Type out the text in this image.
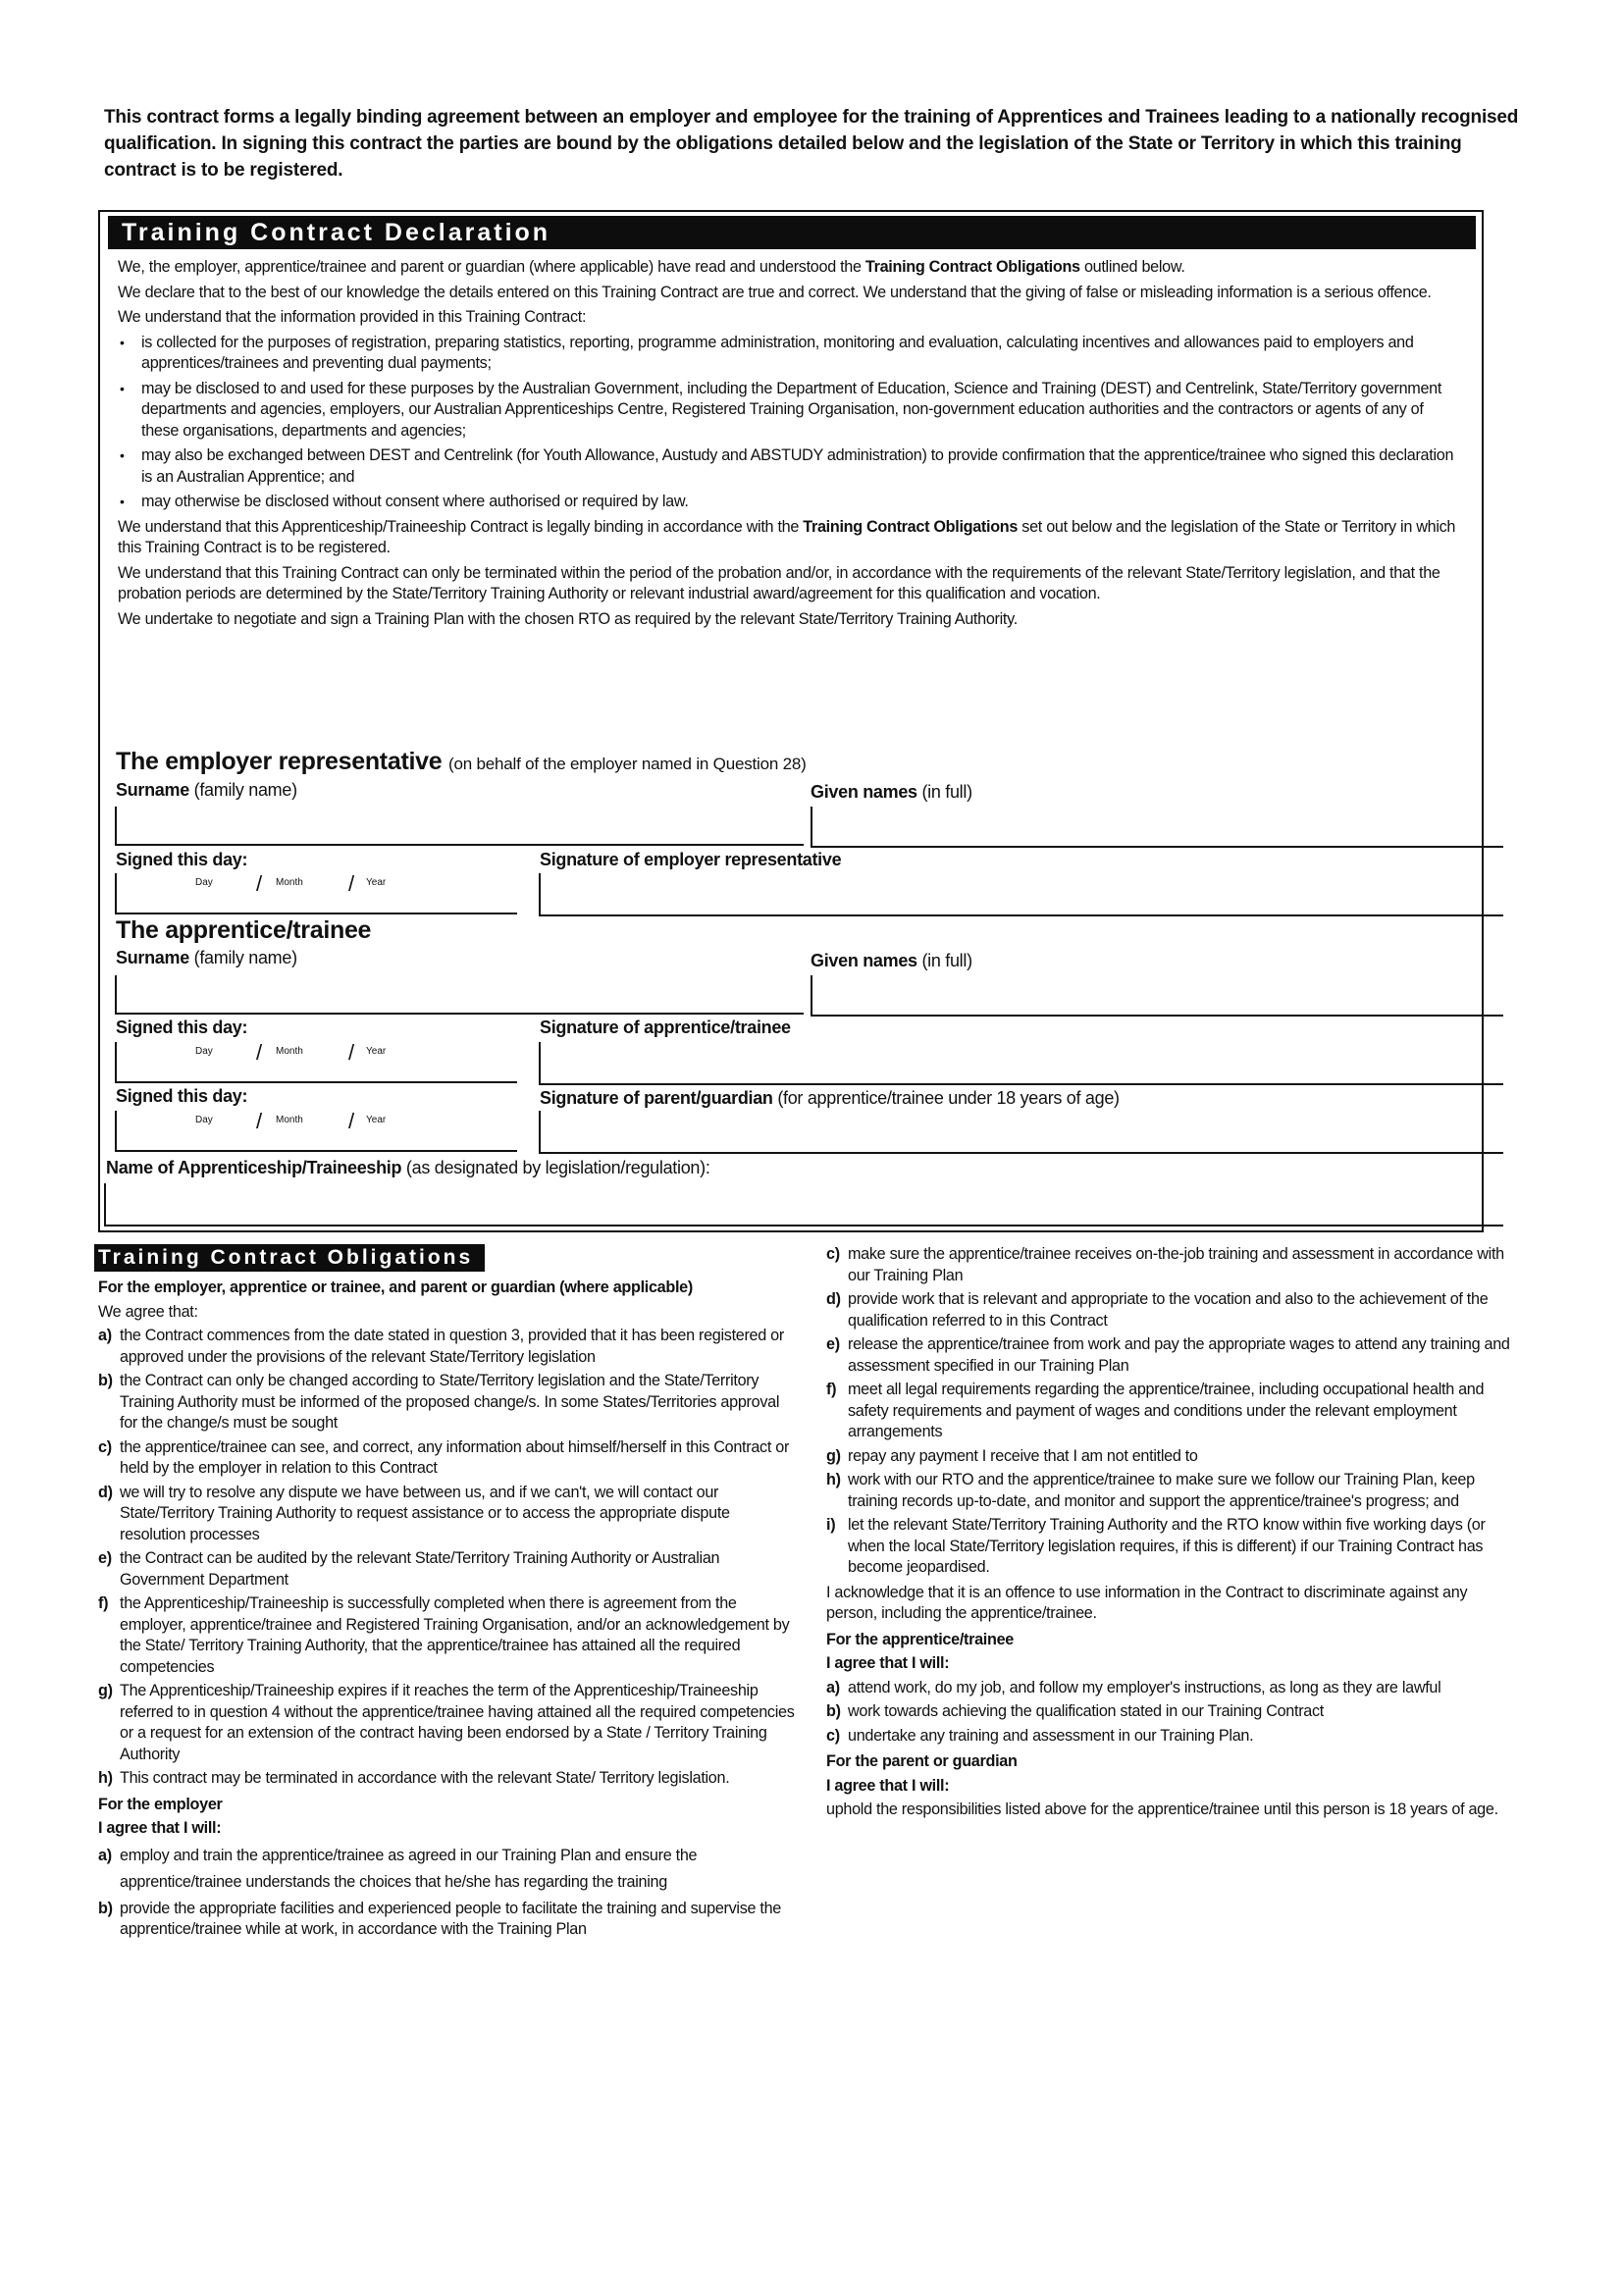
This contract forms a legally binding agreement between an employer and employee for the training of Apprentices and Trainees leading to a nationally recognised qualification. In signing this contract the parties are bound by the obligations detailed below and the legislation of the State or Territory in which this training contract is to be registered.
Training Contract Declaration

We, the employer, apprentice/trainee and parent or guardian (where applicable) have read and understood the Training Contract Obligations outlined below.

We declare that to the best of our knowledge the details entered on this Training Contract are true and correct. We understand that the giving of false or misleading information is a serious offence.

We understand that the information provided in this Training Contract:

• is collected for the purposes of registration, preparing statistics, reporting, programme administration, monitoring and evaluation, calculating incentives and allowances paid to employers and apprentices/trainees and preventing dual payments;
• may be disclosed to and used for these purposes by the Australian Government, including the Department of Education, Science and Training (DEST) and Centrelink, State/Territory government departments and agencies, employers, our Australian Apprenticeships Centre, Registered Training Organisation, non-government education authorities and the contractors or agents of any of these organisations, departments and agencies;
• may also be exchanged between DEST and Centrelink (for Youth Allowance, Austudy and ABSTUDY administration) to provide confirmation that the apprentice/trainee who signed this declaration is an Australian Apprentice; and
• may otherwise be disclosed without consent where authorised or required by law.

We understand that this Apprenticeship/Traineeship Contract is legally binding in accordance with the Training Contract Obligations set out below and the legislation of the State or Territory in which this Training Contract is to be registered.

We understand that this Training Contract can only be terminated within the period of the probation and/or, in accordance with the requirements of the relevant State/Territory legislation, and that the probation periods are determined by the State/Territory Training Authority or relevant industrial award/agreement for this qualification and vocation.

We undertake to negotiate and sign a Training Plan with the chosen RTO as required by the relevant State/Territory Training Authority.

The employer representative (on behalf of the employer named in Question 28)
Surname (family name)	Given names (in full)
Signed this day:	Signature of employer representative
Day / Month / Year
The apprentice/trainee
Surname (family name)	Given names (in full)
Signed this day:	Signature of apprentice/trainee
Day / Month / Year
Signed this day:	Signature of parent/guardian (for apprentice/trainee under 18 years of age)
Day / Month / Year
Name of Apprenticeship/Traineeship (as designated by legislation/regulation):
Training Contract Obligations

For the employer, apprentice or trainee, and parent or guardian (where applicable)

We agree that:

a) the Contract commences from the date stated in question 3, provided that it has been registered or approved under the provisions of the relevant State/Territory legislation
b) the Contract can only be changed according to State/Territory legislation and the State/Territory Training Authority must be informed of the proposed change/s. In some States/Territories approval for the change/s must be sought
c) the apprentice/trainee can see, and correct, any information about himself/herself in this Contract or held by the employer in relation to this Contract
d) we will try to resolve any dispute we have between us, and if we can't, we will contact our State/Territory Training Authority to request assistance or to access the appropriate dispute resolution processes
e) the Contract can be audited by the relevant State/Territory Training Authority or Australian Government Department
f) the Apprenticeship/Traineeship is successfully completed when there is agreement from the employer, apprentice/trainee and Registered Training Organisation, and/or an acknowledgement by the State/ Territory Training Authority, that the apprentice/trainee has attained all the required competencies
g) The Apprenticeship/Traineeship expires if it reaches the term of the Apprenticeship/Traineeship referred to in question 4 without the apprentice/trainee having attained all the required competencies or a request for an extension of the contract having been endorsed by a State / Territory Training Authority
h) This contract may be terminated in accordance with the relevant State/ Territory legislation.

For the employer

I agree that I will:

a) employ and train the apprentice/trainee as agreed in our Training Plan and ensure the apprentice/trainee understands the choices that he/she has regarding the training
b) provide the appropriate facilities and experienced people to facilitate the training and supervise the apprentice/trainee while at work, in accordance with the Training Plan
c) make sure the apprentice/trainee receives on-the-job training and assessment in accordance with our Training Plan
d) provide work that is relevant and appropriate to the vocation and also to the achievement of the qualification referred to in this Contract
e) release the apprentice/trainee from work and pay the appropriate wages to attend any training and assessment specified in our Training Plan
f) meet all legal requirements regarding the apprentice/trainee, including occupational health and safety requirements and payment of wages and conditions under the relevant employment arrangements
g) repay any payment I receive that I am not entitled to
h) work with our RTO and the apprentice/trainee to make sure we follow our Training Plan, keep training records up-to-date, and monitor and support the apprentice/trainee's progress; and
i) let the relevant State/Territory Training Authority and the RTO know within five working days (or when the local State/Territory legislation requires, if this is different) if our Training Contract has become jeopardised.

I acknowledge that it is an offence to use information in the Contract to discriminate against any person, including the apprentice/trainee.

For the apprentice/trainee

I agree that I will:

a) attend work, do my job, and follow my employer's instructions, as long as they are lawful
b) work towards achieving the qualification stated in our Training Contract
c) undertake any training and assessment in our Training Plan.

For the parent or guardian

I agree that I will:

uphold the responsibilities listed above for the apprentice/trainee until this person is 18 years of age.
